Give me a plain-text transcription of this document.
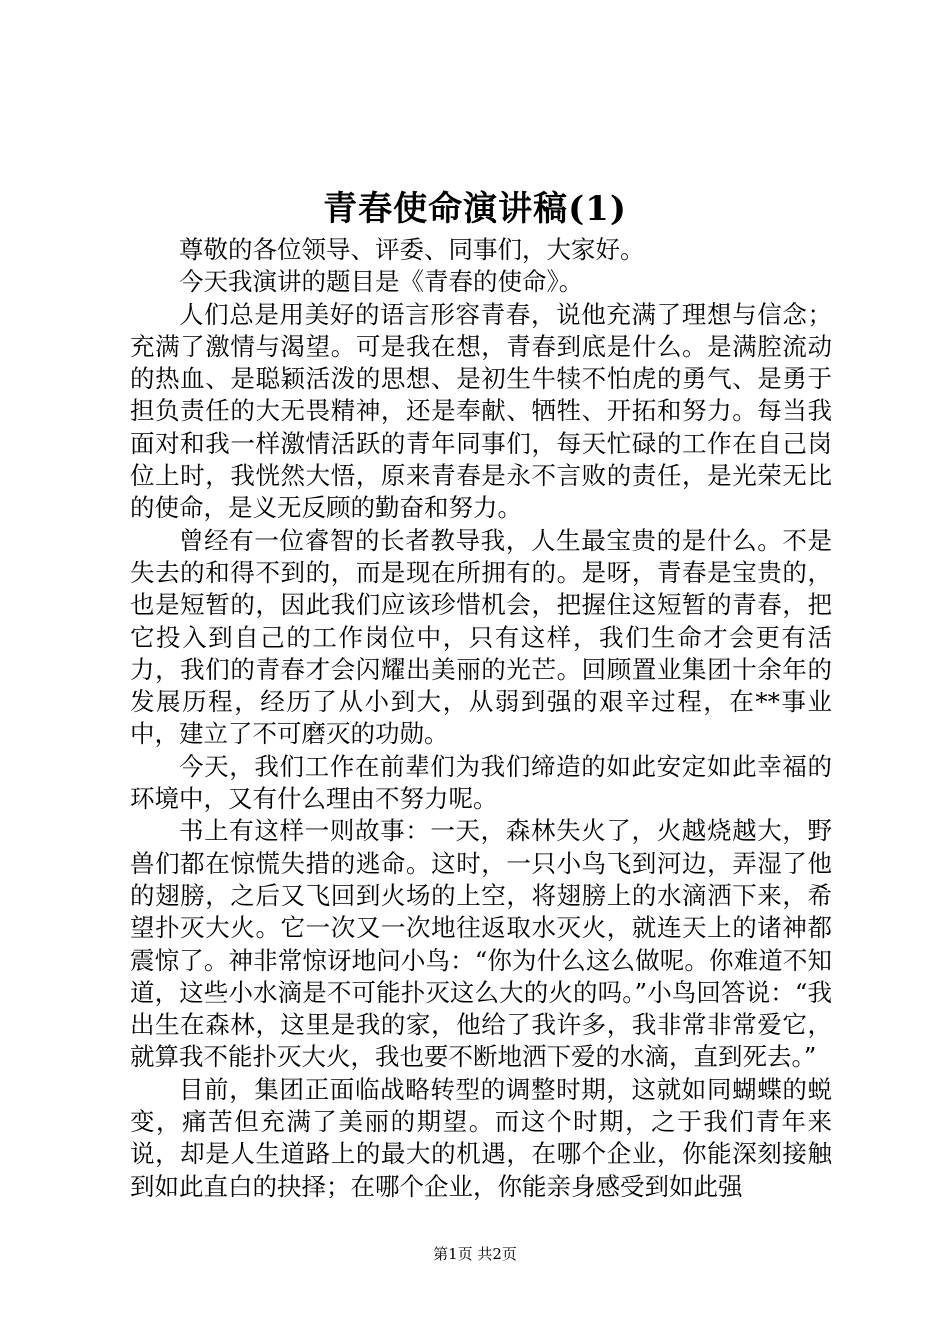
青春使命演讲稿(1)

尊敬的各位领导、评委、同事们，大家好。

今天我演讲的题目是《青春的使命》。

人们总是用美好的语言形容青春，说他充满了理想与信念；充满了激情与渴望。可是我在想，青春到底是什么。是满腔流动的热血、是聪颖活泼的思想、是初生牛犊不怕虎的勇气、是勇于担负责任的大无畏精神，还是奉献、牺牲、开拓和努力。每当我面对和我一样激情活跃的青年同事们，每天忙碌的工作在自己岗位上时，我恍然大悟，原来青春是永不言败的责任，是光荣无比的使命，是义无反顾的勤奋和努力。

曾经有一位睿智的长者教导我，人生最宝贵的是什么。不是失去的和得不到的，而是现在所拥有的。是呀，青春是宝贵的，也是短暂的，因此我们应该珍惜机会，把握住这短暂的青春，把它投入到自己的工作岗位中，只有这样，我们生命才会更有活力，我们的青春才会闪耀出美丽的光芒。回顾置业集团十余年的发展历程，经历了从小到大，从弱到强的艰辛过程，在**事业中，建立了不可磨灭的功勋。

今天，我们工作在前辈们为我们缔造的如此安定如此幸福的环境中，又有什么理由不努力呢。

书上有这样一则故事：一天，森林失火了，火越烧越大，野兽们都在惊慌失措的逃命。这时，一只小鸟飞到河边，弄湿了他的翅膀，之后又飞回到火场的上空，将翅膀上的水滴洒下来，希望扑灭大火。它一次又一次地往返取水灭火，就连天上的诸神都震惊了。神非常惊讶地问小鸟：“你为什么这么做呢。你难道不知道，这些小水滴是不可能扑灭这么大的火的吗。”小鸟回答说：“我出生在森林，这里是我的家，他给了我许多，我非常非常爱它，就算我不能扑灭大火，我也要不断地洒下爱的水滴，直到死去。”

目前，集团正面临战略转型的调整时期，这就如同蝴蝶的蜕变，痛苦但充满了美丽的期望。而这个时期，之于我们青年来说，却是人生道路上的最大的机遇，在哪个企业，你能深刻接触到如此直白的抉择；在哪个企业，你能亲身感受到如此强

第1页 共2页
